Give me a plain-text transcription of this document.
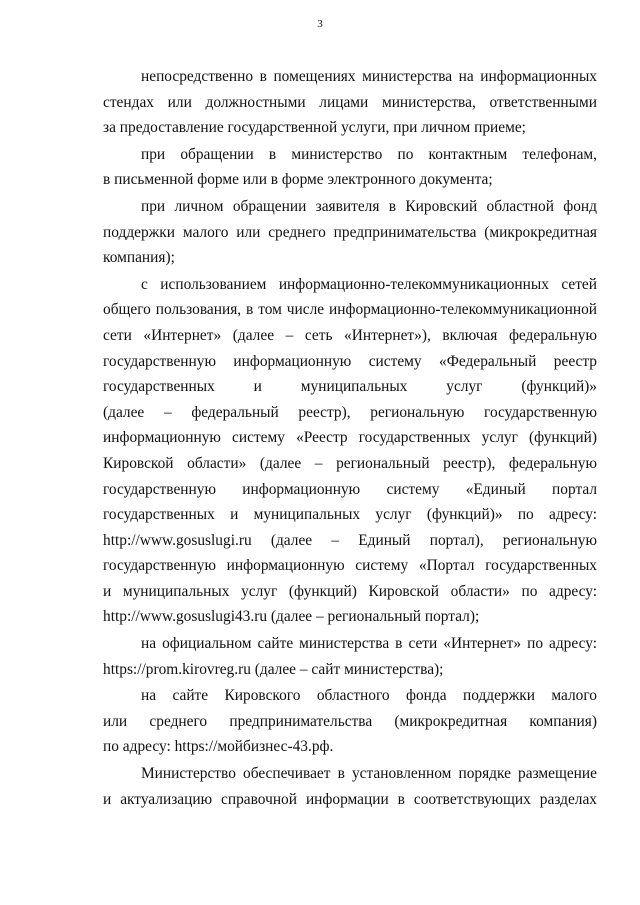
3
непосредственно в помещениях министерства на информационных
стендах или должностными лицами министерства, ответственными
за предоставление государственной услуги, при личном приеме;
при обращении в министерство по контактным телефонам,
в письменной форме или в форме электронного документа;
при личном обращении заявителя в Кировский областной фонд
поддержки малого или среднего предпринимательства (микрокредитная
компания);
с использованием информационно-телекоммуникационных сетей
общего пользования, в том числе информационно-телекоммуникационной
сети «Интернет» (далее – сеть «Интернет»), включая федеральную
государственную информационную систему «Федеральный реестр
государственных и муниципальных услуг (функций)»
(далее – федеральный реестр), региональную государственную
информационную систему «Реестр государственных услуг (функций)
Кировской области» (далее – региональный реестр), федеральную
государственную информационную систему «Единый портал
государственных и муниципальных услуг (функций)» по адресу:
http://www.gosuslugi.ru (далее – Единый портал), региональную
государственную информационную систему «Портал государственных
и муниципальных услуг (функций) Кировской области» по адресу:
http://www.gosuslugi43.ru (далее – региональный портал);
на официальном сайте министерства в сети «Интернет» по адресу:
https://prom.kirovreg.ru (далее – сайт министерства);
на сайте Кировского областного фонда поддержки малого
или среднего предпринимательства (микрокредитная компания)
по адресу: https://мойбизнес-43.рф.
Министерство обеспечивает в установленном порядке размещение
и актуализацию справочной информации в соответствующих разделах
